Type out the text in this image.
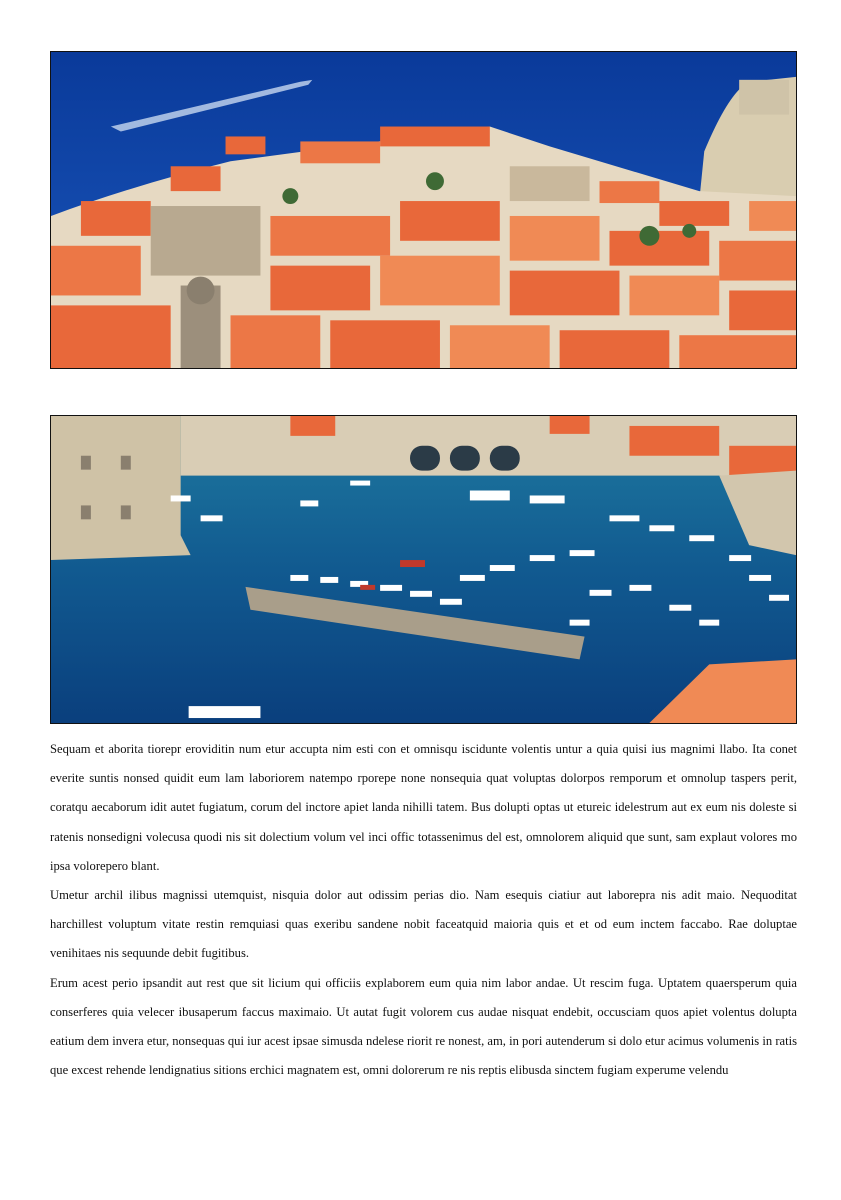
Sequam et aborita tiorepr eroviditin num etur accupta nim esti con et omnisqu iscidunte volentis untur a quia quisi ius magnimi llabo. Ita conet everite suntis nonsed quidit eum lam laboriorem natempo rporepe none nonsequia quat voluptas dolorpos remporum et omnolup taspers perit, coratqu aecaborum idit autet fugiatum, corum del inctore apiet landa nihilli tatem. Bus dolupti optas ut etureic idelestrum aut ex eum nis doleste si ratenis nonsedigni volecusa quodi nis sit dolectium volum vel inci offic totassenimus del est, omnolorem aliquid que sunt, sam explaut volores mo ipsa volorepero blant.

Umetur archil ilibus magnissi utemquist, nisquia dolor aut odissim perias dio. Nam esequis ciatiur aut laborepra nis adit maio. Nequoditat harchillest voluptum vitate restin remquiasi quas exeribu sandene nobit faceatquid maioria quis et et od eum inctem faccabo. Rae doluptae venihitaes nis sequunde debit fugitibus.

Erum acest perio ipsandit aut rest que sit licium qui officiis explaborem eum quia nim labor andae. Ut rescim fuga. Uptatem quaersperum quia conserferes quia velecer ibusaperum faccus maximaio. Ut autat fugit volorem cus audae nisquat endebit, occusciam quos apiet volentus dolupta eatium dem invera etur, nonsequas qui iur acest ipsae simusda ndelese riorit re nonest, am, in pori autenderum si dolo etur acimus volumenis in ratis que excest rehende lendignatius sitions erchici magnatem est, omni dolorerum re nis reptis elibusda sinctem fugiam experume velendu
